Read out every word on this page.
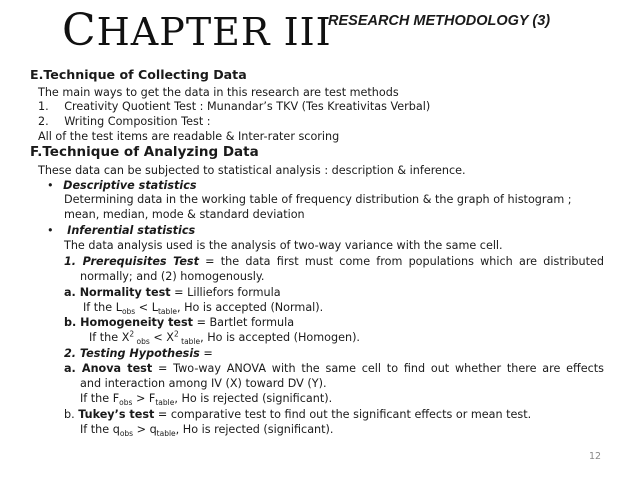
CHAPTER III
RESEARCH METHODOLOGY (3)
E.Technique of Collecting Data
The main ways to get the data in this research are test methods
1. Creativity Quotient Test : Munandar’s TKV (Tes Kreativitas Verbal)
2. Writing Composition Test :
All of the test items are readable & Inter-rater scoring
F.Technique of Analyzing Data
These data can be subjected to statistical analysis : description & inference.
• Descriptive statistics
Determining data in the working table of frequency distribution & the graph of histogram ;
mean, median, mode & standard deviation
• Inferential statistics
The data analysis used is the analysis of two-way variance with the same cell.
1. Prerequisites Test = the data first must come from populations which are distributed
normally; and (2) homogenously.
a. Normality test = Lilliefors formula
If the $L_{obs} < L_{table}$, Ho is accepted (Normal).
b. Homogeneity test = Bartlet formula
If the $X^2$ $_{obs} < X^2$ $_{table}$, Ho is accepted (Homogen).
2. Testing Hypothesis =
a. Anova test = Two-way ANOVA with the same cell to find out whether there are effects
and interaction among IV (X) toward DV (Y).
If the $F_{obs} > F_{table}$, Ho is rejected (significant).
b. Tukey’s test = comparative test to find out the significant effects or mean test.
If the $q_{obs} > q_{table}$, Ho is rejected (significant).
12
